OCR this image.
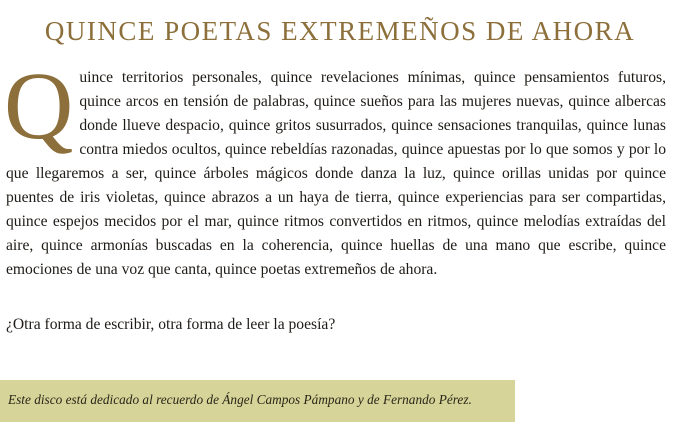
QUINCE POETAS EXTREMEÑOS DE AHORA

Quince territorios personales, quince revelaciones mínimas, quince pensamientos futuros, quince arcos en tensión de palabras, quince sueños para las mujeres nuevas, quince albercas donde llueve despacio, quince gritos susurrados, quince sensaciones tranquilas, quince lunas contra miedos ocultos, quince rebeldías razonadas, quince apuestas por lo que somos y por lo que llegaremos a ser, quince árboles mágicos donde danza la luz, quince orillas unidas por quince puentes de iris violetas, quince abrazos a un haya de tierra, quince experiencias para ser compartidas, quince espejos mecidos por el mar, quince ritmos convertidos en ritmos, quince melodías extraídas del aire, quince armonías buscadas en la coherencia, quince huellas de una mano que escribe, quince emociones de una voz que canta, quince poetas extremeños de ahora.

¿Otra forma de escribir, otra forma de leer la poesía?

Este disco está dedicado al recuerdo de Ángel Campos Pámpano y de Fernando Pérez.
